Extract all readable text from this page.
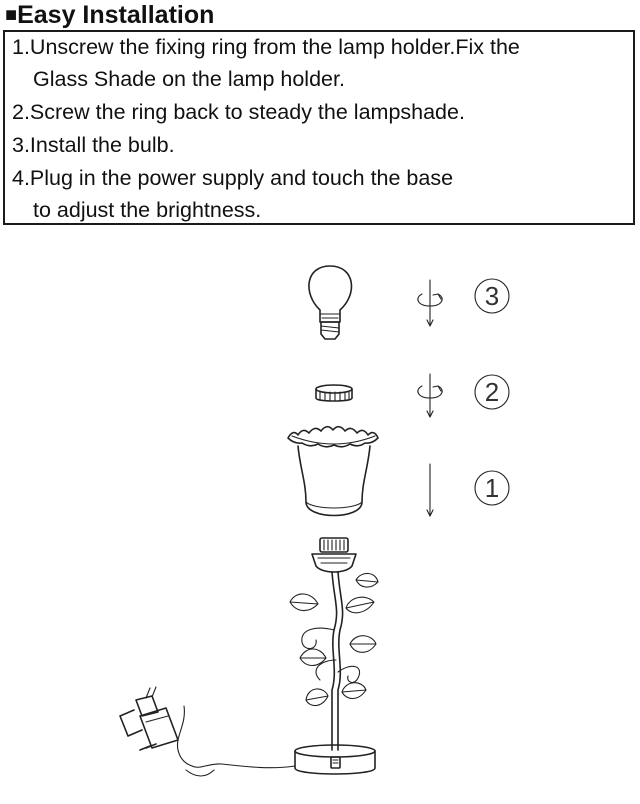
■Easy Installation
1.Unscrew the fixing ring from the lamp holder.Fix the
Glass Shade on the lamp holder.
2.Screw the ring back to steady the lampshade.
3.Install the bulb.
4.Plug in the power supply and touch the base
to adjust the brightness.
3
2
1
